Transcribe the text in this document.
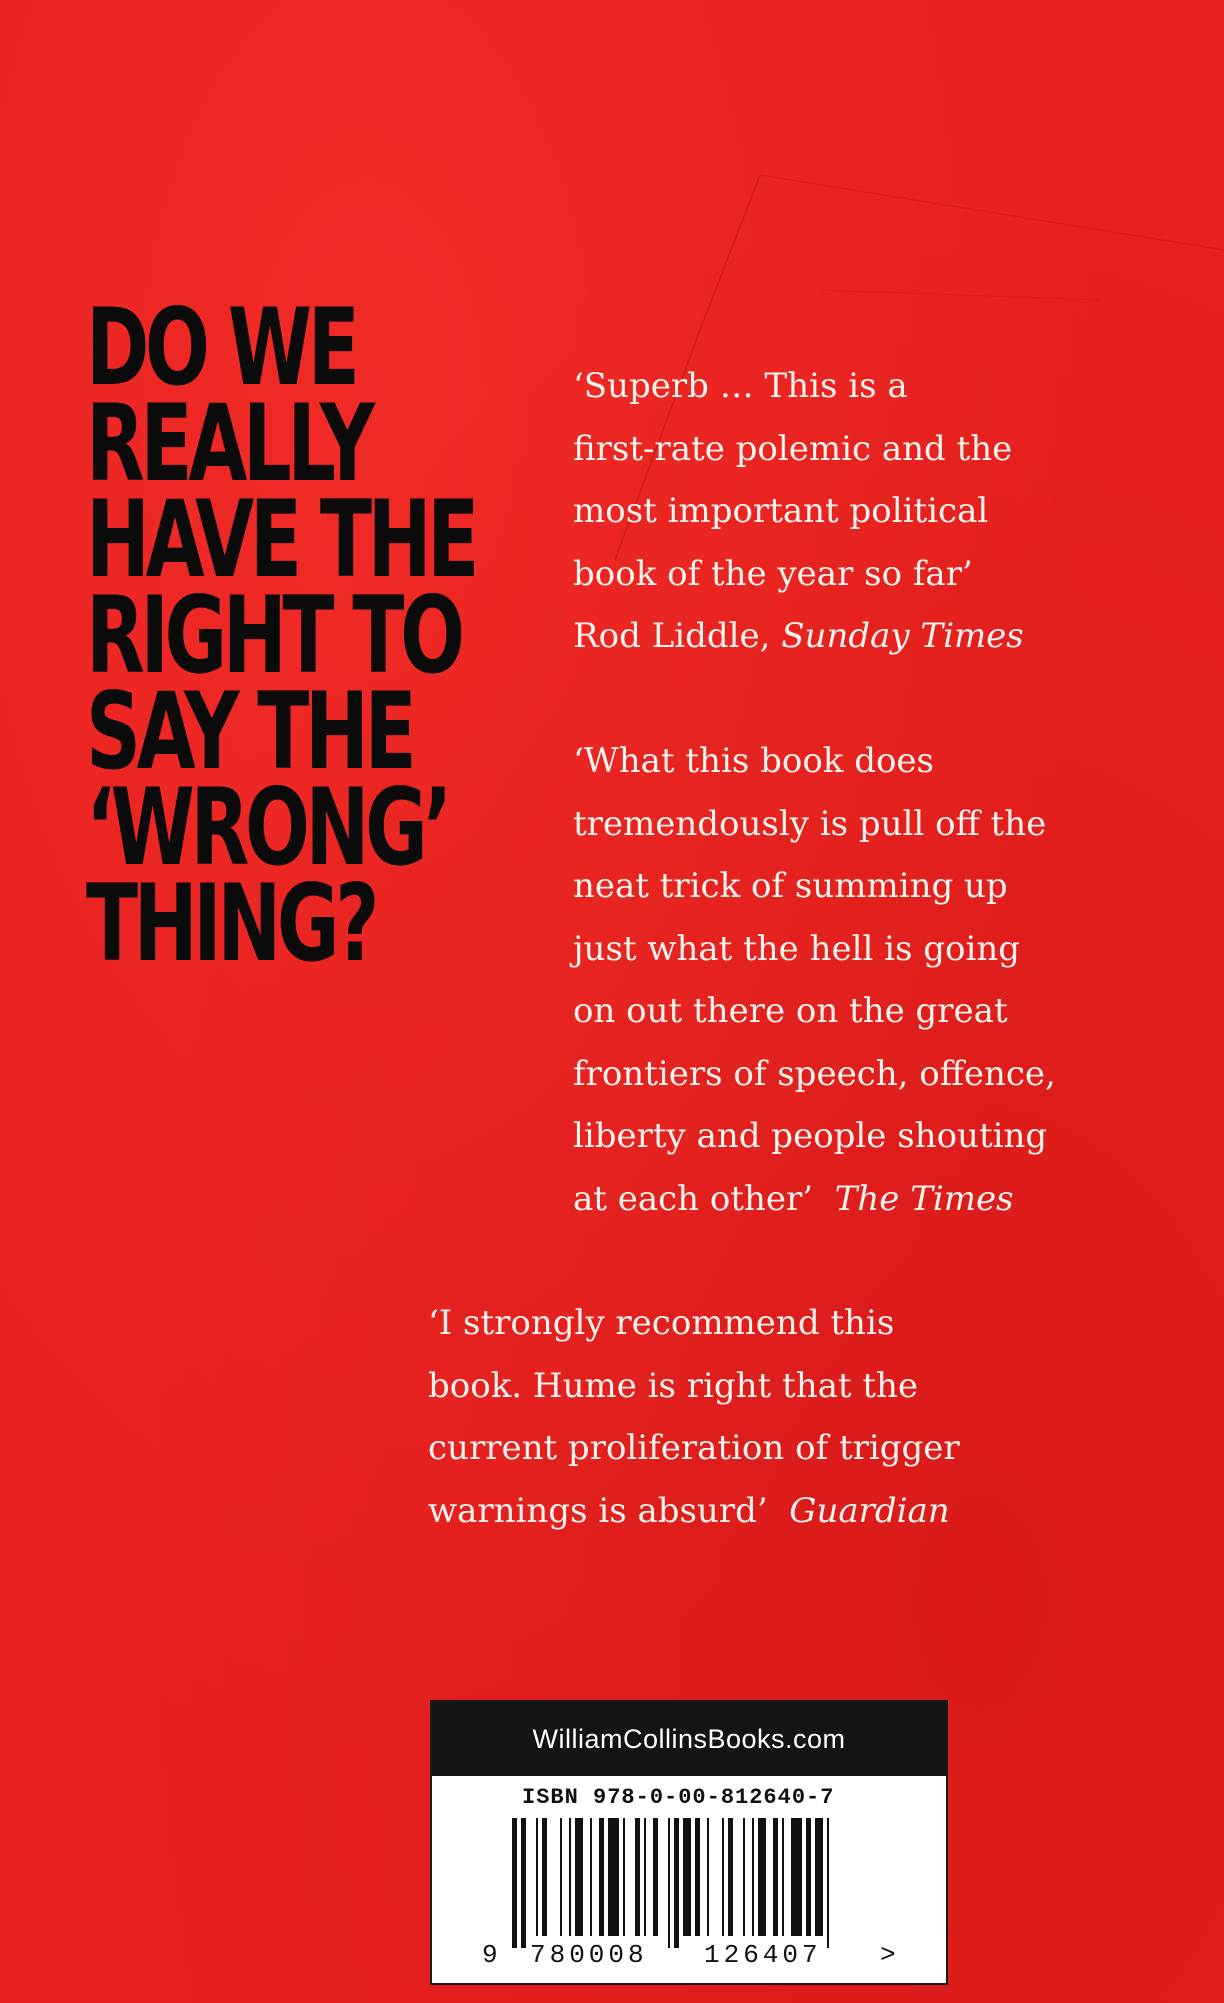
DO WE
REALLY
HAVE THE
RIGHT TO
SAY THE
‘WRONG’
THING?

‘Superb … This is a
first-rate polemic and the
most important political
book of the year so far’
Rod Liddle, Sunday Times

‘What this book does
tremendously is pull off the
neat trick of summing up
just what the hell is going
on out there on the great
frontiers of speech, offence,
liberty and people shouting
at each other’ The Times

‘I strongly recommend this
book. Hume is right that the
current proliferation of trigger
warnings is absurd’ Guardian

WilliamCollinsBooks.com
ISBN 978-0-00-812640-7
9 780008 126407 >
